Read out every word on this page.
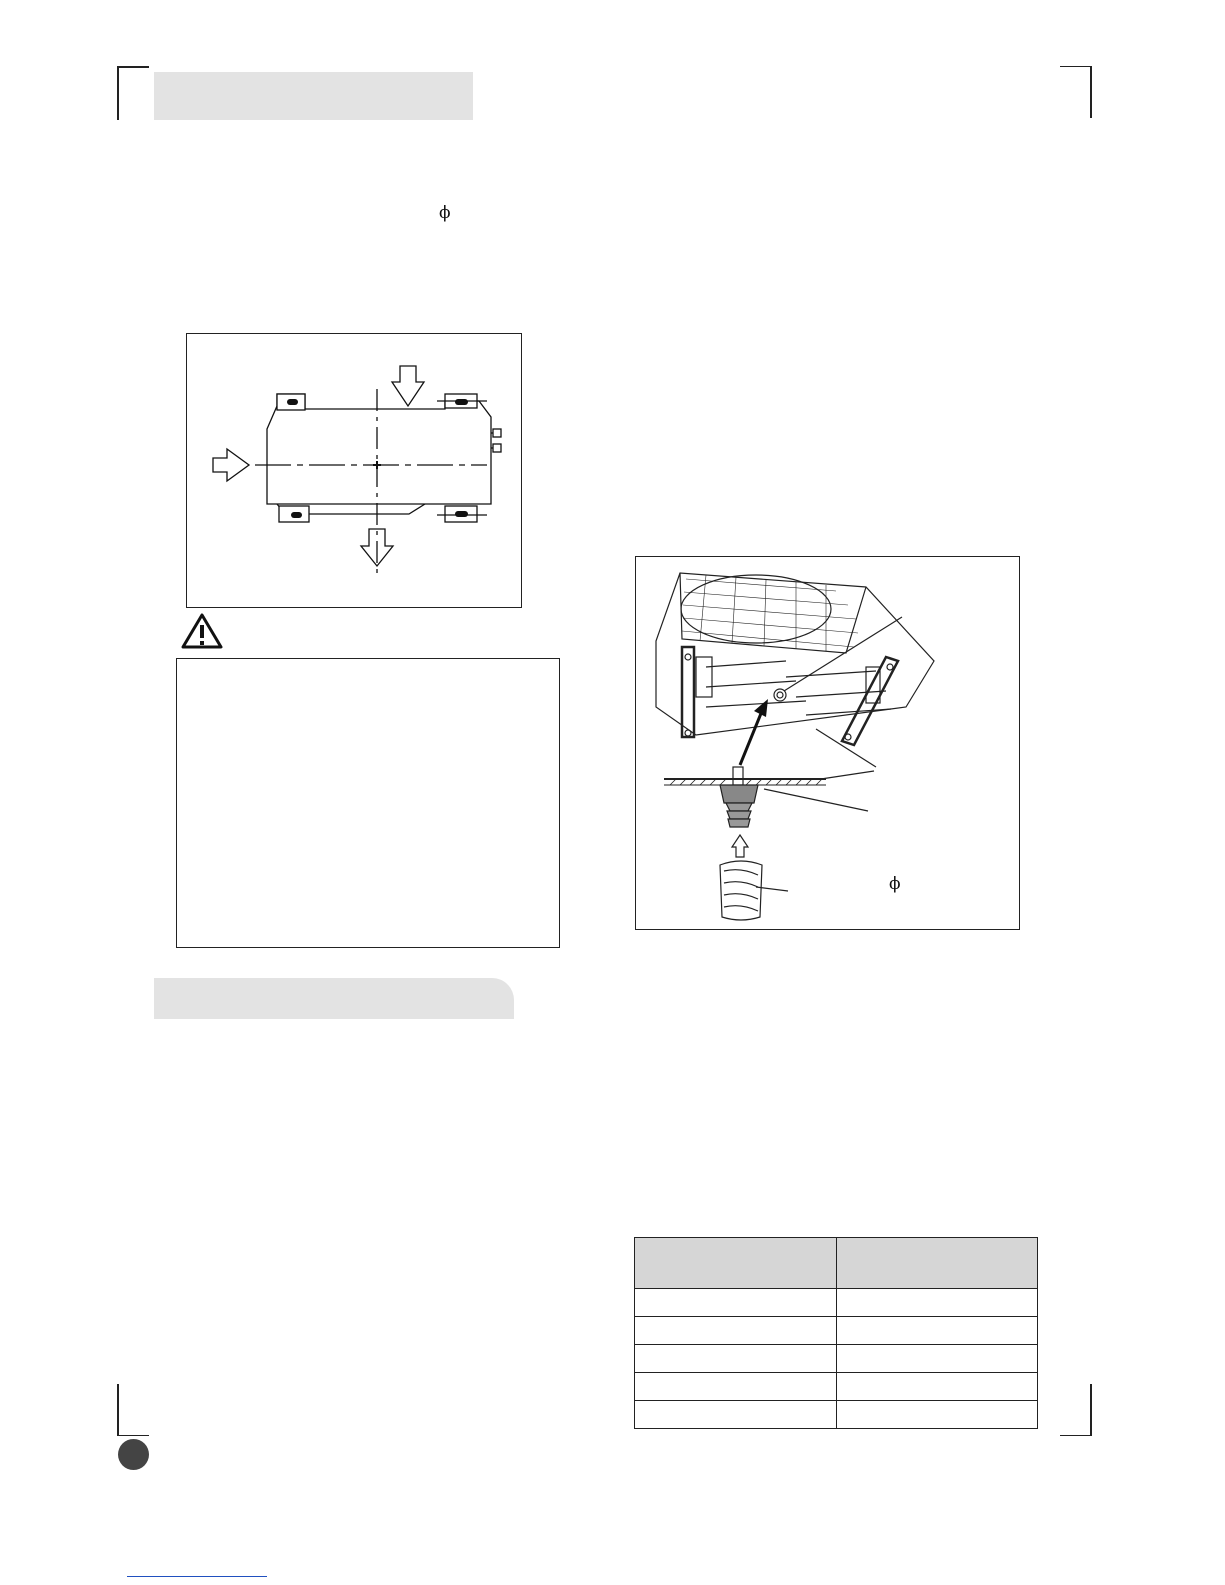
ϕ
ϕ
